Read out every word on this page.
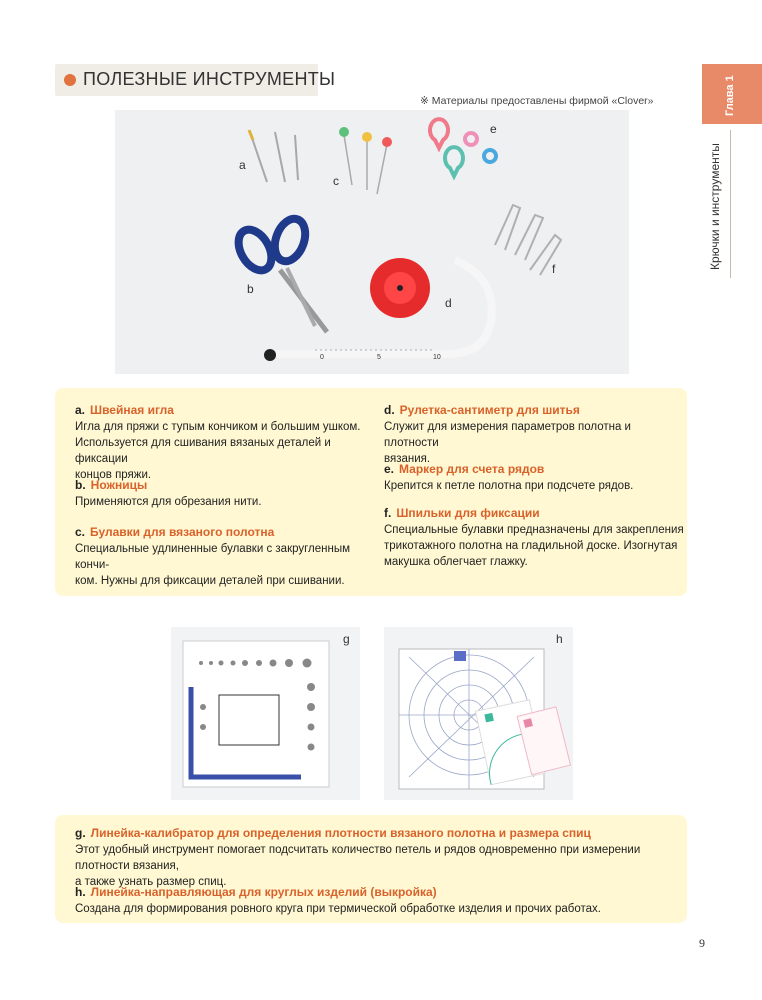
ПОЛЕЗНЫЕ ИНСТРУМЕНТЫ
※ Материалы предоставлены фирмой «Clover»	Глава 1
Крючки и инструменты
0	5	10
a
b
c
d
e
f
a. Швейная игла
Игла для пряжи с тупым кончиком и большим ушком.
Используется для сшивания вязаных деталей и фиксации
концов пряжи.
b. Ножницы
Применяются для обрезания нити.
c. Булавки для вязаного полотна
Специальные удлиненные булавки с закругленным кончи-
ком. Нужны для фиксации деталей при сшивании.
d. Рулетка-сантиметр для шитья
Служит для измерения параметров полотна и плотности
вязания.
e. Маркер для счета рядов
Крепится к петле полотна при подсчете рядов.
f. Шпильки для фиксации
Специальные булавки предназначены для закрепления
трикотажного полотна на гладильной доске. Изогнутая
макушка облегчает глажку.
g	h
g. Линейка-калибратор для определения плотности вязаного полотна и размера спиц
Этот удобный инструмент помогает подсчитать количество петель и рядов одновременно при измерении плотности вязания,
а также узнать размер спиц.
h. Линейка-направляющая для круглых изделий (выкройка)
Создана для формирования ровного круга при термической обработке изделия и прочих работах.
9
